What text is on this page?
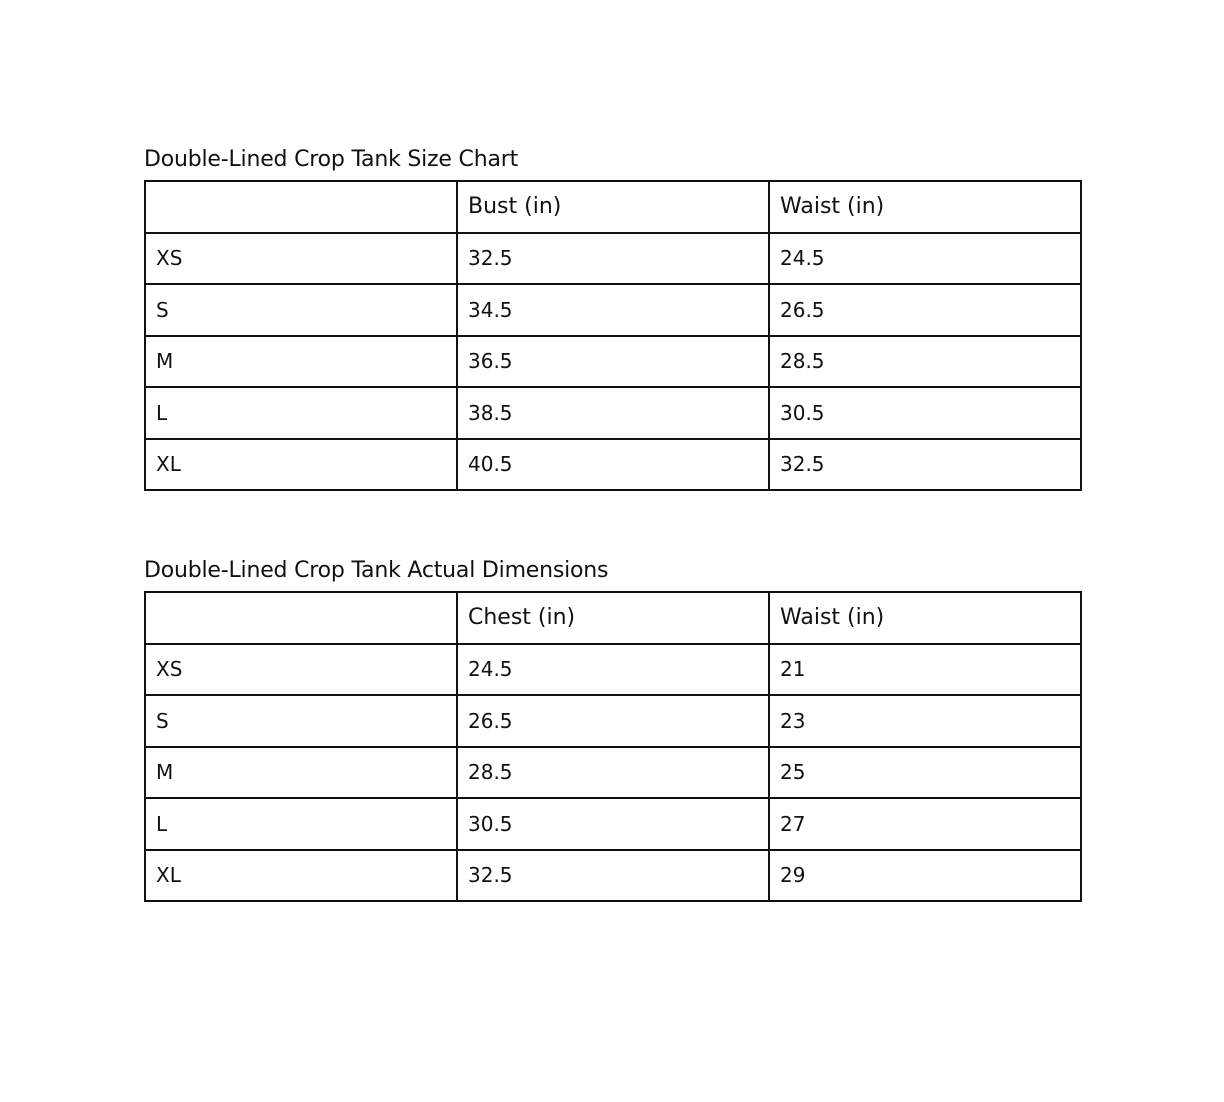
Double-Lined Crop Tank Size Chart
	Bust (in)	Waist (in)
XS	32.5	24.5
S	34.5	26.5
M	36.5	28.5
L	38.5	30.5
XL	40.5	32.5
Double-Lined Crop Tank Actual Dimensions
	Chest (in)	Waist (in)
XS	24.5	21
S	26.5	23
M	28.5	25
L	30.5	27
XL	32.5	29
